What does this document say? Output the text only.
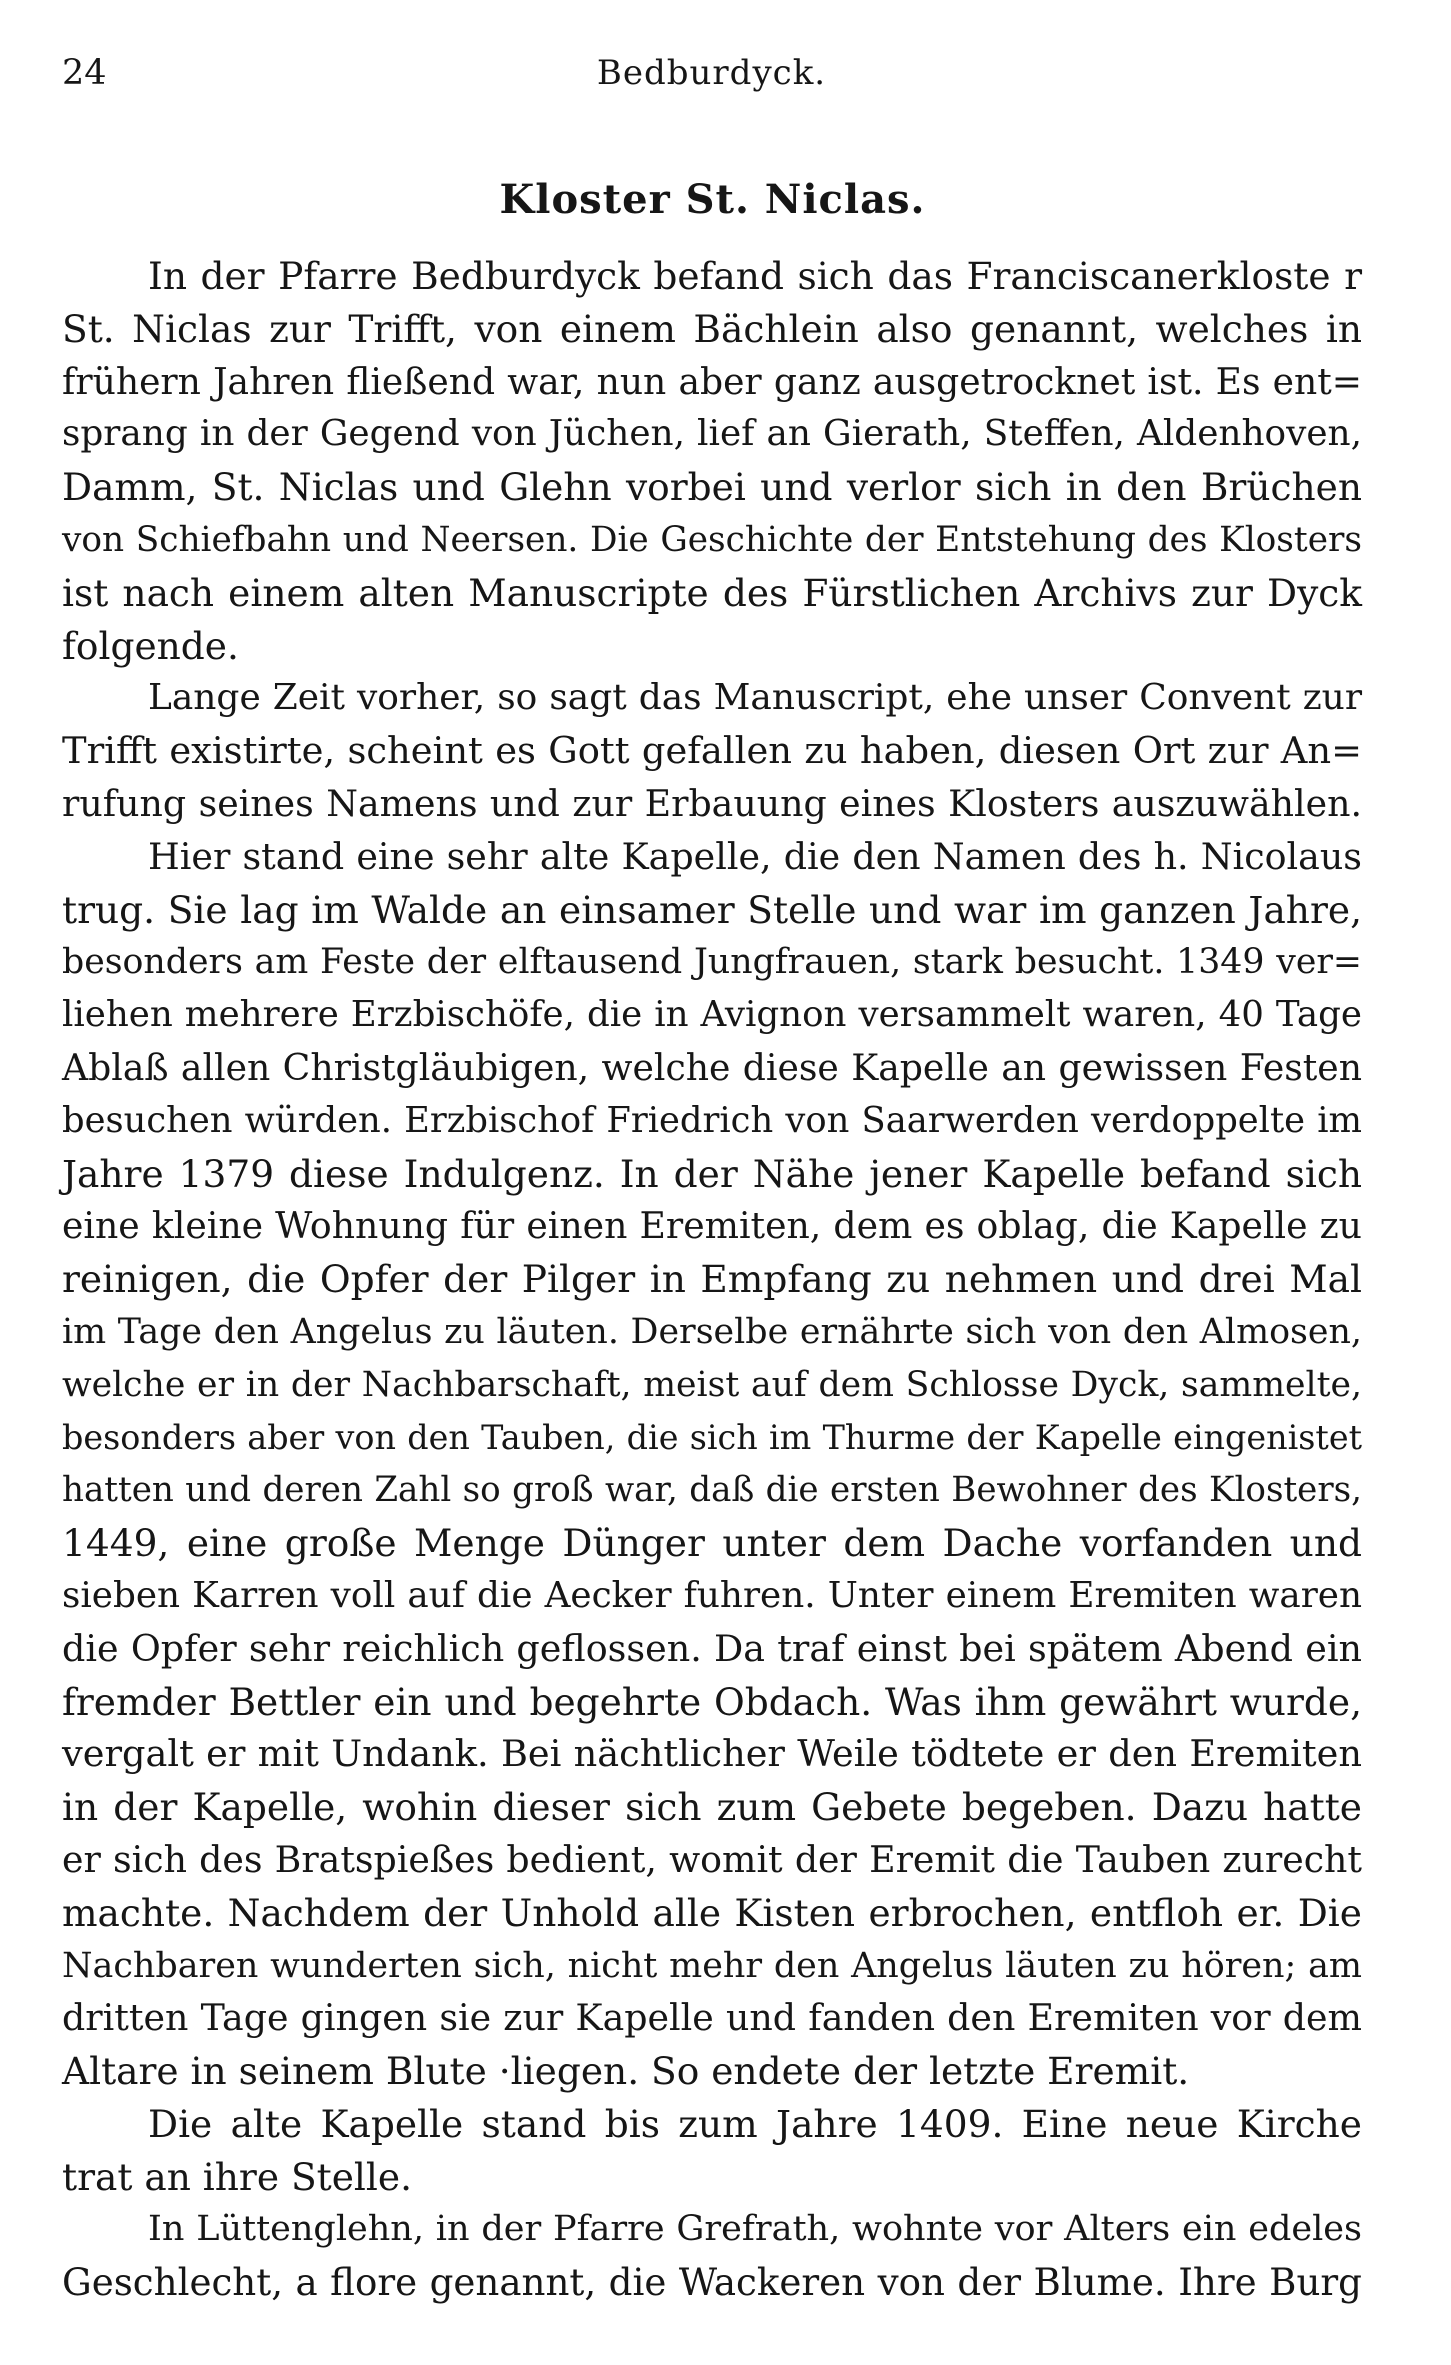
24	Bedburdyck.
Kloster St. Niclas.
In der Pfarre Bedburdyck befand sich das Franciscanerkloste r
St. Niclas zur Trifft, von einem Bächlein also genannt, welches in
frühern Jahren fließend war, nun aber ganz ausgetrocknet ist. Es ent=
sprang in der Gegend von Jüchen, lief an Gierath, Steffen, Aldenhoven,
Damm, St. Niclas und Glehn vorbei und verlor sich in den Brüchen
von Schiefbahn und Neersen. Die Geschichte der Entstehung des Klosters
ist nach einem alten Manuscripte des Fürstlichen Archivs zur Dyck
folgende.
Lange Zeit vorher, so sagt das Manuscript, ehe unser Convent zur
Trifft existirte, scheint es Gott gefallen zu haben, diesen Ort zur An=
rufung seines Namens und zur Erbauung eines Klosters auszuwählen.
Hier stand eine sehr alte Kapelle, die den Namen des h. Nicolaus
trug. Sie lag im Walde an einsamer Stelle und war im ganzen Jahre,
besonders am Feste der elftausend Jungfrauen, stark besucht. 1349 ver=
liehen mehrere Erzbischöfe, die in Avignon versammelt waren, 40 Tage
Ablaß allen Christgläubigen, welche diese Kapelle an gewissen Festen
besuchen würden. Erzbischof Friedrich von Saarwerden verdoppelte im
Jahre 1379 diese Indulgenz. In der Nähe jener Kapelle befand sich
eine kleine Wohnung für einen Eremiten, dem es oblag, die Kapelle zu
reinigen, die Opfer der Pilger in Empfang zu nehmen und drei Mal
im Tage den Angelus zu läuten. Derselbe ernährte sich von den Almosen,
welche er in der Nachbarschaft, meist auf dem Schlosse Dyck, sammelte,
besonders aber von den Tauben, die sich im Thurme der Kapelle eingenistet
hatten und deren Zahl so groß war, daß die ersten Bewohner des Klosters,
1449, eine große Menge Dünger unter dem Dache vorfanden und
sieben Karren voll auf die Aecker fuhren. Unter einem Eremiten waren
die Opfer sehr reichlich geflossen. Da traf einst bei spätem Abend ein
fremder Bettler ein und begehrte Obdach. Was ihm gewährt wurde,
vergalt er mit Undank. Bei nächtlicher Weile tödtete er den Eremiten
in der Kapelle, wohin dieser sich zum Gebete begeben. Dazu hatte
er sich des Bratspießes bedient, womit der Eremit die Tauben zurecht
machte. Nachdem der Unhold alle Kisten erbrochen, entfloh er. Die
Nachbaren wunderten sich, nicht mehr den Angelus läuten zu hören; am
dritten Tage gingen sie zur Kapelle und fanden den Eremiten vor dem
Altare in seinem Blute ·liegen. So endete der letzte Eremit.
Die alte Kapelle stand bis zum Jahre 1409. Eine neue Kirche
trat an ihre Stelle.
In Lüttenglehn, in der Pfarre Grefrath, wohnte vor Alters ein edeles
Geschlecht, a flore genannt, die Wackeren von der Blume. Ihre Burg
